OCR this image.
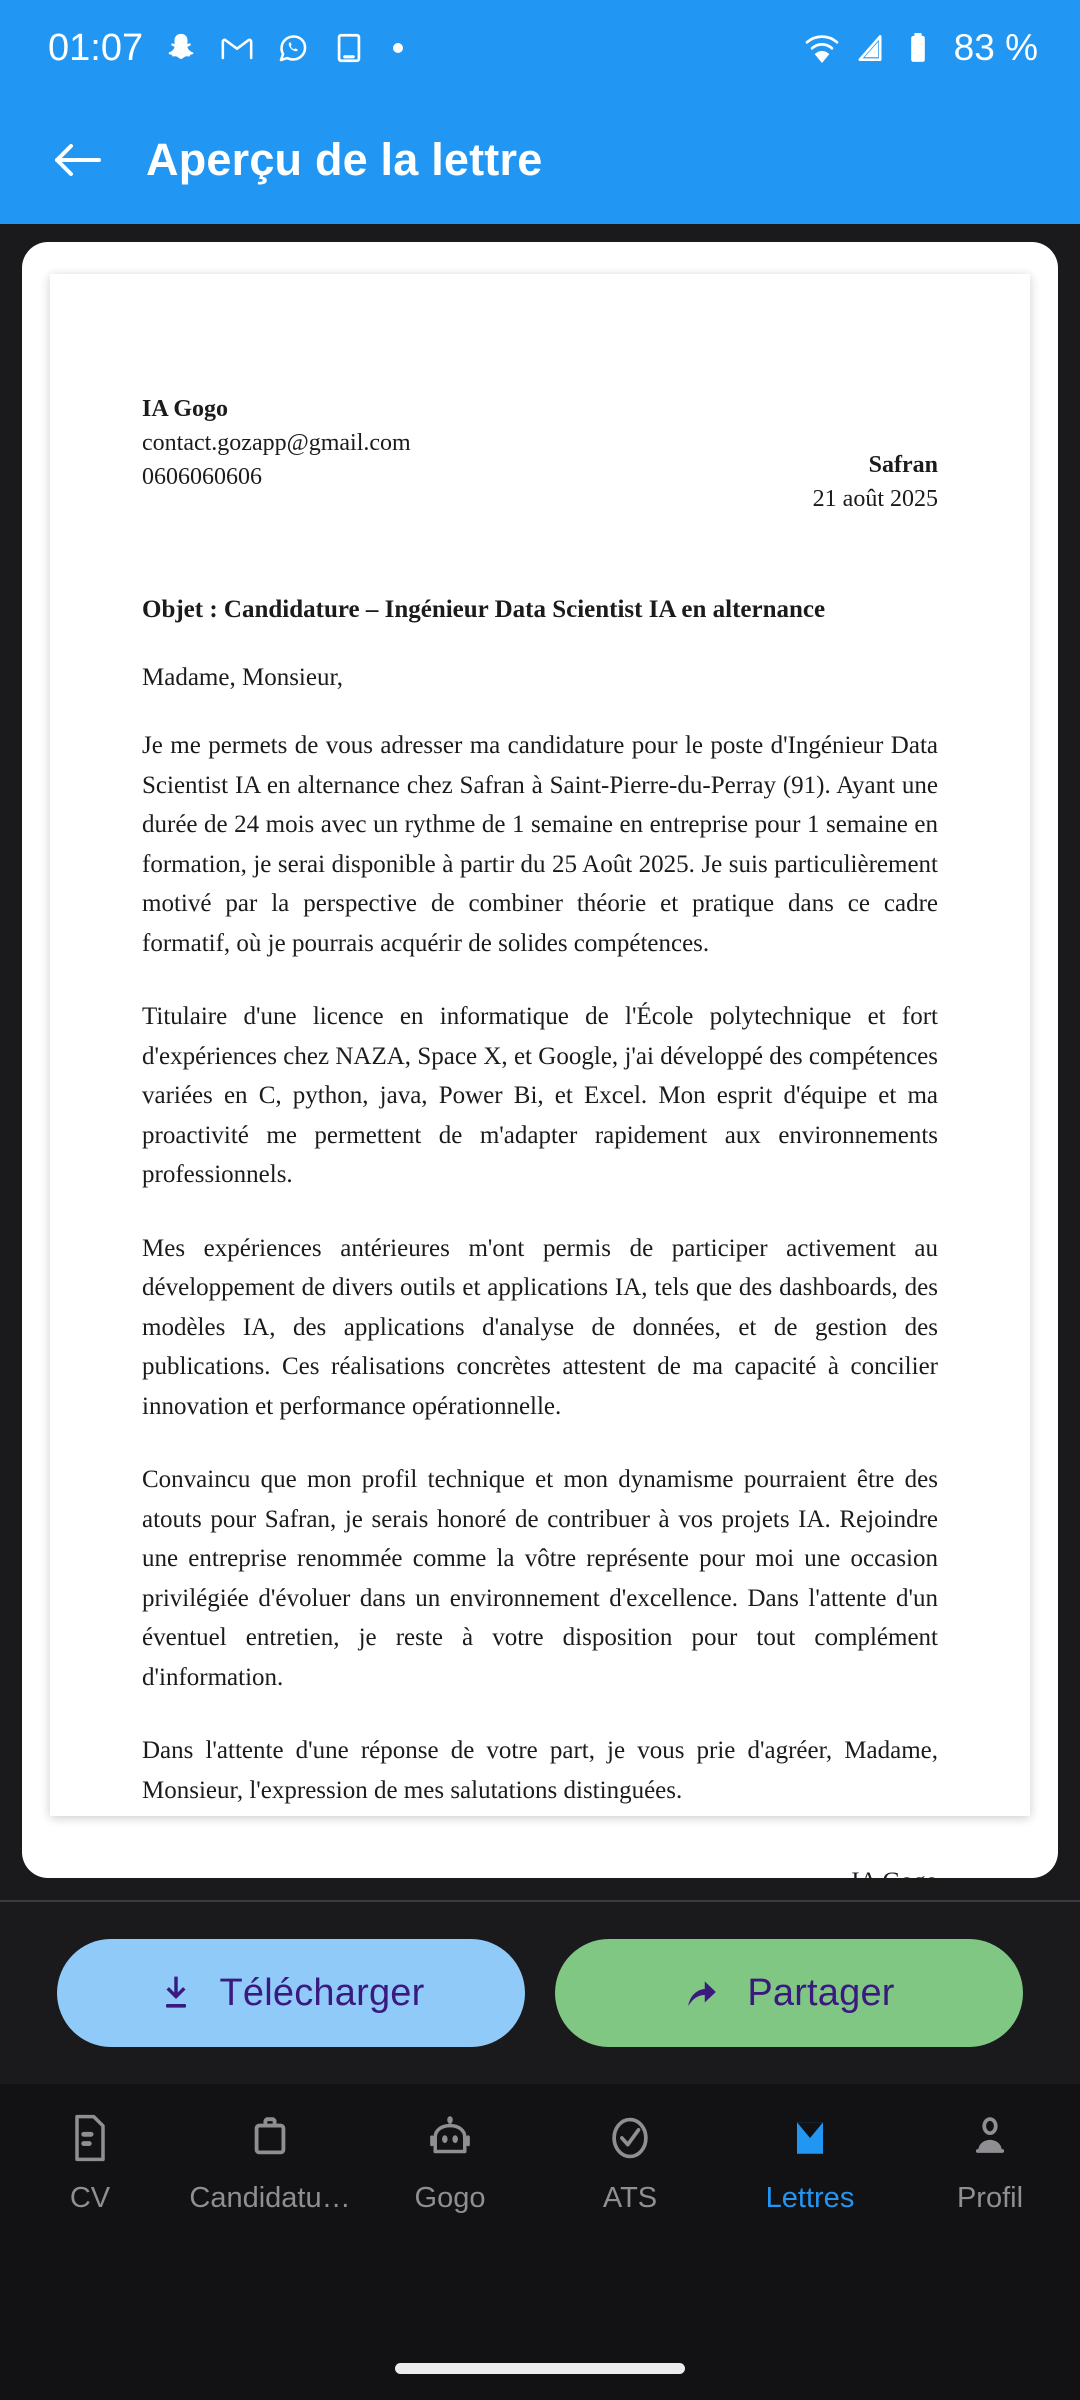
01:07	83 %
Aperçu de la lettre
IA Gogo
contact.gozapp@gmail.com
0606060606	Safran
21 août 2025
Objet : Candidature – Ingénieur Data Scientist IA en alternance
Madame, Monsieur,

Je me permets de vous adresser ma candidature pour le poste d'Ingénieur Data Scientist IA en alternance chez Safran à Saint-Pierre-du-Perray (91). Ayant une durée de 24 mois avec un rythme de 1 semaine en entreprise pour 1 semaine en formation, je serai disponible à partir du 25 Août 2025. Je suis particulièrement motivé par la perspective de combiner théorie et pratique dans ce cadre formatif, où je pourrais acquérir de solides compétences.

Titulaire d'une licence en informatique de l'École polytechnique et fort d'expériences chez NAZA, Space X, et Google, j'ai développé des compétences variées en C, python, java, Power Bi, et Excel. Mon esprit d'équipe et ma proactivité me permettent de m'adapter rapidement aux environnements professionnels.

Mes expériences antérieures m'ont permis de participer activement au développement de divers outils et applications IA, tels que des dashboards, des modèles IA, des applications d'analyse de données, et de gestion des publications. Ces réalisations concrètes attestent de ma capacité à concilier innovation et performance opérationnelle.

Convaincu que mon profil technique et mon dynamisme pourraient être des atouts pour Safran, je serais honoré de contribuer à vos projets IA. Rejoindre une entreprise renommée comme la vôtre représente pour moi une occasion privilégiée d'évoluer dans un environnement d'excellence. Dans l'attente d'un éventuel entretien, je reste à votre disposition pour tout complément d'information.

Dans l'attente d'une réponse de votre part, je vous prie d'agréer, Madame, Monsieur, l'expression de mes salutations distinguées.

IA Gogo
Télécharger	Partager
CV	Candidatu… Gogo	ATS	Lettres	Profil
